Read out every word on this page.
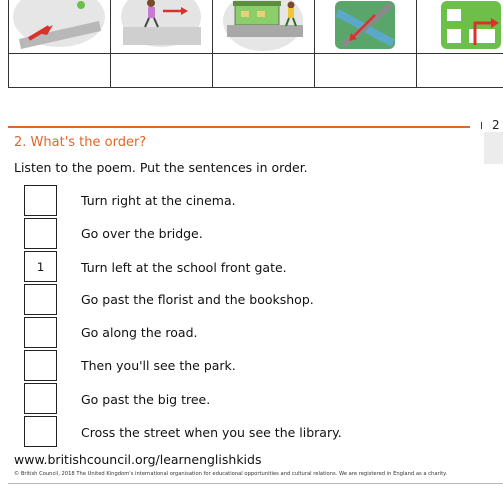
I 2
2. What's the order?
Listen to the poem. Put the sentences in order.
Turn right at the cinema.
Go over the bridge.
1	Turn left at the school front gate.
Go past the florist and the bookshop.
Go along the road.
Then you'll see the park.
Go past the big tree.
Cross the street when you see the library.
www.britishcouncil.org/learnenglishkids
© British Council, 2018 The United Kingdom's international organisation for educational opportunities and cultural relations. We are registered in England as a charity.
